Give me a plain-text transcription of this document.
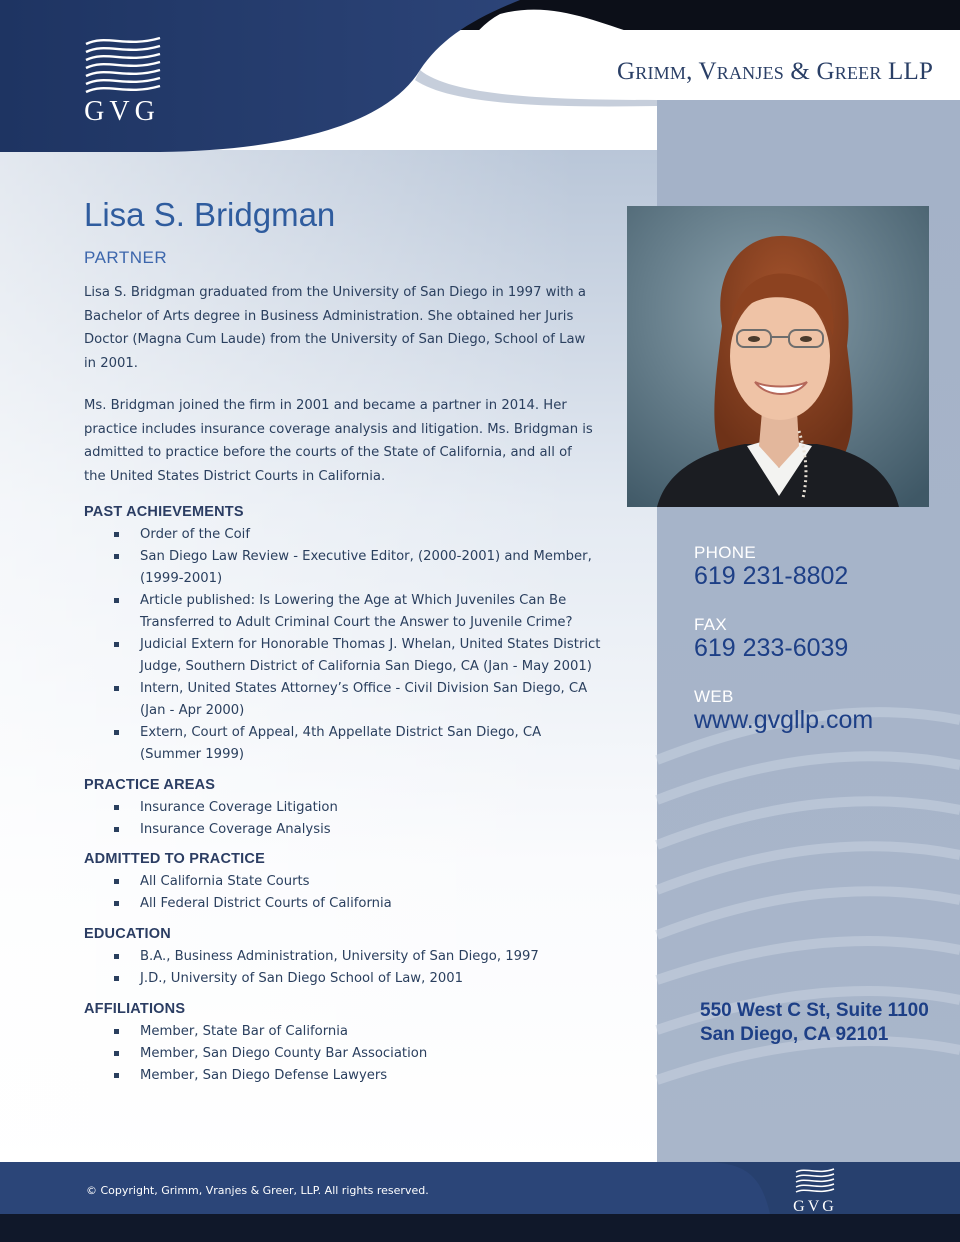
GVG
Grimm, Vranjes & Greer LLP
Lisa S. Bridgman
PARTNER

Lisa S. Bridgman graduated from the University of San Diego in 1997 with a Bachelor of Arts degree in Business Administration. She obtained her Juris Doctor (Magna Cum Laude) from the University of San Diego, School of Law in 2001.

Ms. Bridgman joined the firm in 2001 and became a partner in 2014. Her practice includes insurance coverage analysis and litigation. Ms. Bridgman is admitted to practice before the courts of the State of California, and all of the United States District Courts in California.

PAST ACHIEVEMENTS
Order of the Coif
San Diego Law Review - Executive Editor, (2000-2001) and Member, (1999-2001)
Article published: Is Lowering the Age at Which Juveniles Can Be Transferred to Adult Criminal Court the Answer to Juvenile Crime?
Judicial Extern for Honorable Thomas J. Whelan, United States District Judge, Southern District of California San Diego, CA (Jan - May 2001)
Intern, United States Attorney’s Office - Civil Division San Diego, CA (Jan - Apr 2000)
Extern, Court of Appeal, 4th Appellate District San Diego, CA (Summer 1999)
PRACTICE AREAS
Insurance Coverage Litigation
Insurance Coverage Analysis
ADMITTED TO PRACTICE
All California State Courts
All Federal District Courts of California
EDUCATION
B.A., Business Administration, University of San Diego, 1997
J.D., University of San Diego School of Law, 2001
AFFILIATIONS
Member, State Bar of California
Member, San Diego County Bar Association
Member, San Diego Defense Lawyers
PHONE
619 231-8802
FAX
619 233-6039
WEB
www.gvgllp.com
550 West C St, Suite 1100
San Diego, CA 92101
© Copyright, Grimm, Vranjes & Greer, LLP. All rights reserved.
GVG
